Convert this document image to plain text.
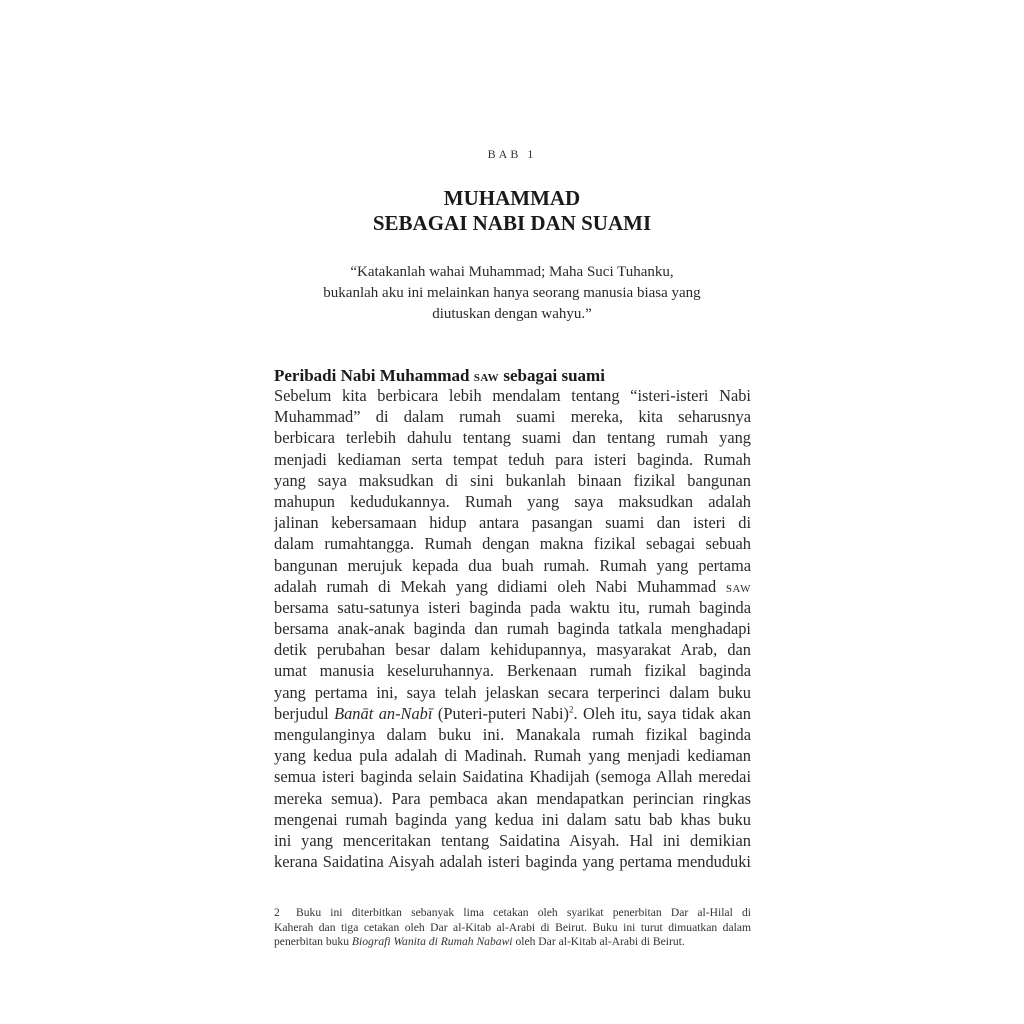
BAB 1
MUHAMMAD
SEBAGAI NABI DAN SUAMI
“Katakanlah wahai Muhammad; Maha Suci Tuhanku,
bukanlah aku ini melainkan hanya seorang manusia biasa yang
diutuskan dengan wahyu.”
Peribadi Nabi Muhammad SAW sebagai suami
Sebelum kita berbicara lebih mendalam tentang “isteri-isteri Nabi
Muhammad” di dalam rumah suami mereka, kita seharusnya
berbicara terlebih dahulu tentang suami dan tentang rumah yang
menjadi kediaman serta tempat teduh para isteri baginda. Rumah
yang saya maksudkan di sini bukanlah binaan fizikal bangunan
mahupun kedudukannya. Rumah yang saya maksudkan adalah
jalinan kebersamaan hidup antara pasangan suami dan isteri di
dalam rumahtangga. Rumah dengan makna fizikal sebagai sebuah
bangunan merujuk kepada dua buah rumah. Rumah yang pertama
adalah rumah di Mekah yang didiami oleh Nabi Muhammad SAW
bersama satu-satunya isteri baginda pada waktu itu, rumah baginda
bersama anak-anak baginda dan rumah baginda tatkala menghadapi
detik perubahan besar dalam kehidupannya, masyarakat Arab, dan
umat manusia keseluruhannya. Berkenaan rumah fizikal baginda
yang pertama ini, saya telah jelaskan secara terperinci dalam buku
berjudul Banāt an-Nabī (Puteri-puteri Nabi)$^2$. Oleh itu, saya tidak akan
mengulanginya dalam buku ini. Manakala rumah fizikal baginda
yang kedua pula adalah di Madinah. Rumah yang menjadi kediaman
semua isteri baginda selain Saidatina Khadijah (semoga Allah meredai
mereka semua). Para pembaca akan mendapatkan perincian ringkas
mengenai rumah baginda yang kedua ini dalam satu bab khas buku
ini yang menceritakan tentang Saidatina Aisyah. Hal ini demikian
kerana Saidatina Aisyah adalah isteri baginda yang pertama menduduki
2 Buku ini diterbitkan sebanyak lima cetakan oleh syarikat penerbitan Dar al-Hilal di
Kaherah dan tiga cetakan oleh Dar al-Kitab al-Arabi di Beirut. Buku ini turut dimuatkan dalam
penerbitan buku Biografi Wanita di Rumah Nabawi oleh Dar al-Kitab al-Arabi di Beirut.
